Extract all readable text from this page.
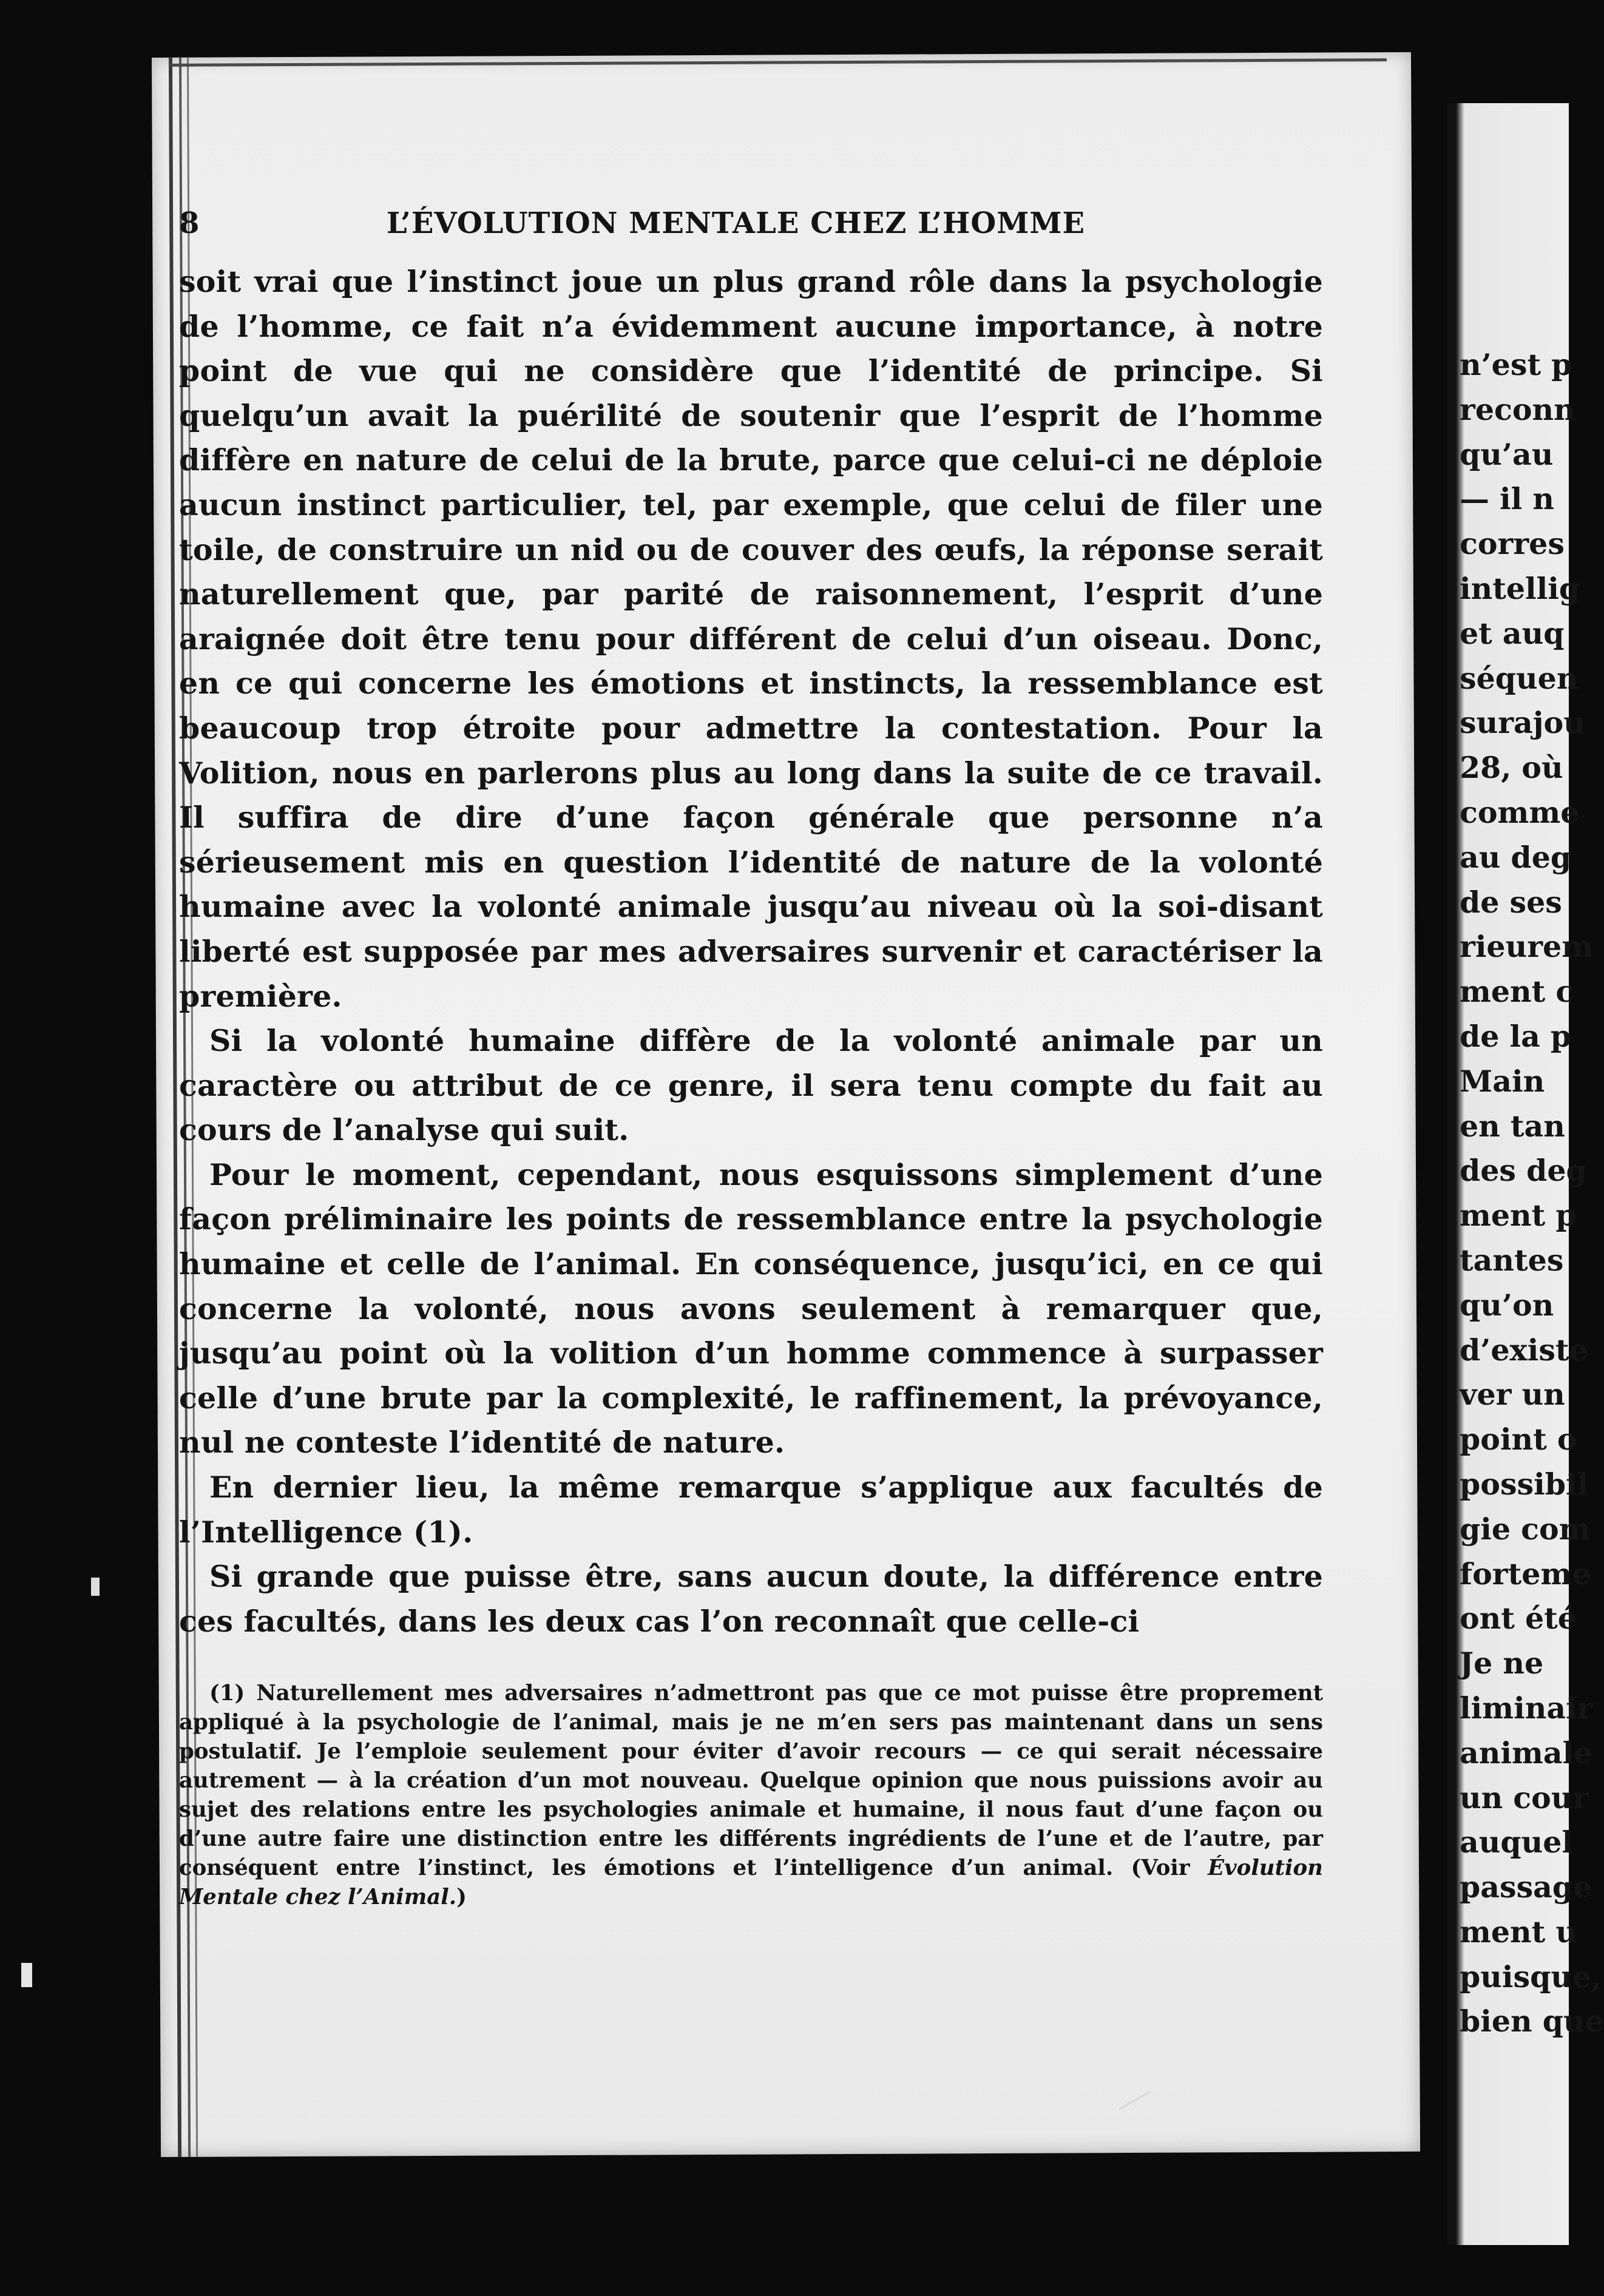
8	L’ÉVOLUTION MENTALE CHEZ L’HOMME

soit vrai que l’instinct joue un plus grand rôle dans la psychologie de l’homme, ce fait n’a évidemment aucune importance, à notre point de vue qui ne considère que l’identité de principe. Si quelqu’un avait la puérilité de soutenir que l’esprit de l’homme diffère en nature de celui de la brute, parce que celui-ci ne déploie aucun instinct particulier, tel, par exemple, que celui de filer une toile, de construire un nid ou de couver des œufs, la réponse serait naturellement que, par parité de raisonnement, l’esprit d’une araignée doit être tenu pour différent de celui d’un oiseau. Donc, en ce qui concerne les émotions et instincts, la ressemblance est beaucoup trop étroite pour admettre la contestation. Pour la Volition, nous en parlerons plus au long dans la suite de ce travail. Il suffira de dire d’une façon générale que personne n’a sérieusement mis en question l’identité de nature de la volonté humaine avec la volonté animale jusqu’au niveau où la soi-disant liberté est supposée par mes adversaires survenir et caractériser la première.

Si la volonté humaine diffère de la volonté animale par un caractère ou attribut de ce genre, il sera tenu compte du fait au cours de l’analyse qui suit.

Pour le moment, cependant, nous esquissons simplement d’une façon préliminaire les points de ressemblance entre la psychologie humaine et celle de l’animal. En conséquence, jusqu’ici, en ce qui concerne la volonté, nous avons seulement à remarquer que, jusqu’au point où la volition d’un homme commence à surpasser celle d’une brute par la complexité, le raffinement, la prévoyance, nul ne conteste l’identité de nature.

En dernier lieu, la même remarque s’applique aux facultés de l’Intelligence (1).

Si grande que puisse être, sans aucun doute, la différence entre ces facultés, dans les deux cas l’on reconnaît que celle-ci

(1) Naturellement mes adversaires n’admettront pas que ce mot puisse être proprement appliqué à la psychologie de l’animal, mais je ne m’en sers pas maintenant dans un sens postulatif. Je l’emploie seulement pour éviter d’avoir recours — ce qui serait nécessaire autrement — à la création d’un mot nouveau. Quelque opinion que nous puissions avoir au sujet des relations entre les psychologies animale et humaine, il nous faut d’une façon ou d’une autre faire une distinction entre les différents ingrédients de l’une et de l’autre, par conséquent entre l’instinct, les émotions et l’intelligence d’un animal. (Voir Évolution Mentale chez l’Animal.)

n’est p
reconn
qu’au
— il n
corres
intellig
et auq
séquen
surajou
28, où
comme
au deg
de ses
rieurem
ment c
de la p
Main
en tan
des deg
ment p
tantes
qu’on
d’existe
ver un
point o
possibil
gie com
forteme
ont été
Je ne
liminair
animale
un cour
auquel
passage
ment u
puisque,
bien que
